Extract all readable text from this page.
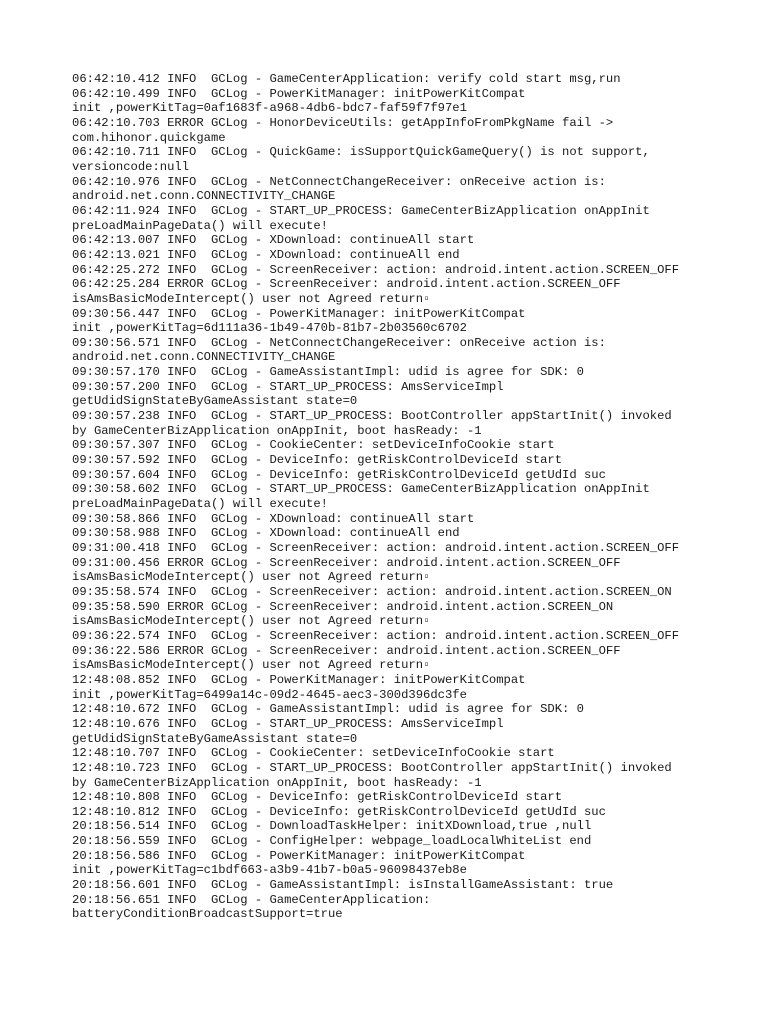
06:42:10.412 INFO  GCLog - GameCenterApplication: verify cold start msg,run
06:42:10.499 INFO  GCLog - PowerKitManager: initPowerKitCompat
init ,powerKitTag=0af1683f-a968-4db6-bdc7-faf59f7f97e1
06:42:10.703 ERROR GCLog - HonorDeviceUtils: getAppInfoFromPkgName fail ->
com.hihonor.quickgame
06:42:10.711 INFO  GCLog - QuickGame: isSupportQuickGameQuery() is not support,
versioncode:null
06:42:10.976 INFO  GCLog - NetConnectChangeReceiver: onReceive action is:
android.net.conn.CONNECTIVITY_CHANGE
06:42:11.924 INFO  GCLog - START_UP_PROCESS: GameCenterBizApplication onAppInit
preLoadMainPageData() will execute!
06:42:13.007 INFO  GCLog - XDownload: continueAll start
06:42:13.021 INFO  GCLog - XDownload: continueAll end
06:42:25.272 INFO  GCLog - ScreenReceiver: action: android.intent.action.SCREEN_OFF
06:42:25.284 ERROR GCLog - ScreenReceiver: android.intent.action.SCREEN_OFF
isAmsBasicModeIntercept() user not Agreed return▫
09:30:56.447 INFO  GCLog - PowerKitManager: initPowerKitCompat
init ,powerKitTag=6d111a36-1b49-470b-81b7-2b03560c6702
09:30:56.571 INFO  GCLog - NetConnectChangeReceiver: onReceive action is:
android.net.conn.CONNECTIVITY_CHANGE
09:30:57.170 INFO  GCLog - GameAssistantImpl: udid is agree for SDK: 0
09:30:57.200 INFO  GCLog - START_UP_PROCESS: AmsServiceImpl
getUdidSignStateByGameAssistant state=0
09:30:57.238 INFO  GCLog - START_UP_PROCESS: BootController appStartInit() invoked
by GameCenterBizApplication onAppInit, boot hasReady: -1
09:30:57.307 INFO  GCLog - CookieCenter: setDeviceInfoCookie start
09:30:57.592 INFO  GCLog - DeviceInfo: getRiskControlDeviceId start
09:30:57.604 INFO  GCLog - DeviceInfo: getRiskControlDeviceId getUdId suc
09:30:58.602 INFO  GCLog - START_UP_PROCESS: GameCenterBizApplication onAppInit
preLoadMainPageData() will execute!
09:30:58.866 INFO  GCLog - XDownload: continueAll start
09:30:58.988 INFO  GCLog - XDownload: continueAll end
09:31:00.418 INFO  GCLog - ScreenReceiver: action: android.intent.action.SCREEN_OFF
09:31:00.456 ERROR GCLog - ScreenReceiver: android.intent.action.SCREEN_OFF
isAmsBasicModeIntercept() user not Agreed return▫
09:35:58.574 INFO  GCLog - ScreenReceiver: action: android.intent.action.SCREEN_ON
09:35:58.590 ERROR GCLog - ScreenReceiver: android.intent.action.SCREEN_ON
isAmsBasicModeIntercept() user not Agreed return▫
09:36:22.574 INFO  GCLog - ScreenReceiver: action: android.intent.action.SCREEN_OFF
09:36:22.586 ERROR GCLog - ScreenReceiver: android.intent.action.SCREEN_OFF
isAmsBasicModeIntercept() user not Agreed return▫
12:48:08.852 INFO  GCLog - PowerKitManager: initPowerKitCompat
init ,powerKitTag=6499a14c-09d2-4645-aec3-300d396dc3fe
12:48:10.672 INFO  GCLog - GameAssistantImpl: udid is agree for SDK: 0
12:48:10.676 INFO  GCLog - START_UP_PROCESS: AmsServiceImpl
getUdidSignStateByGameAssistant state=0
12:48:10.707 INFO  GCLog - CookieCenter: setDeviceInfoCookie start
12:48:10.723 INFO  GCLog - START_UP_PROCESS: BootController appStartInit() invoked
by GameCenterBizApplication onAppInit, boot hasReady: -1
12:48:10.808 INFO  GCLog - DeviceInfo: getRiskControlDeviceId start
12:48:10.812 INFO  GCLog - DeviceInfo: getRiskControlDeviceId getUdId suc
20:18:56.514 INFO  GCLog - DownloadTaskHelper: initXDownload,true ,null
20:18:56.559 INFO  GCLog - ConfigHelper: webpage_loadLocalWhiteList end
20:18:56.586 INFO  GCLog - PowerKitManager: initPowerKitCompat
init ,powerKitTag=c1bdf663-a3b9-41b7-b0a5-96098437eb8e
20:18:56.601 INFO  GCLog - GameAssistantImpl: isInstallGameAssistant: true
20:18:56.651 INFO  GCLog - GameCenterApplication:
batteryConditionBroadcastSupport=true
